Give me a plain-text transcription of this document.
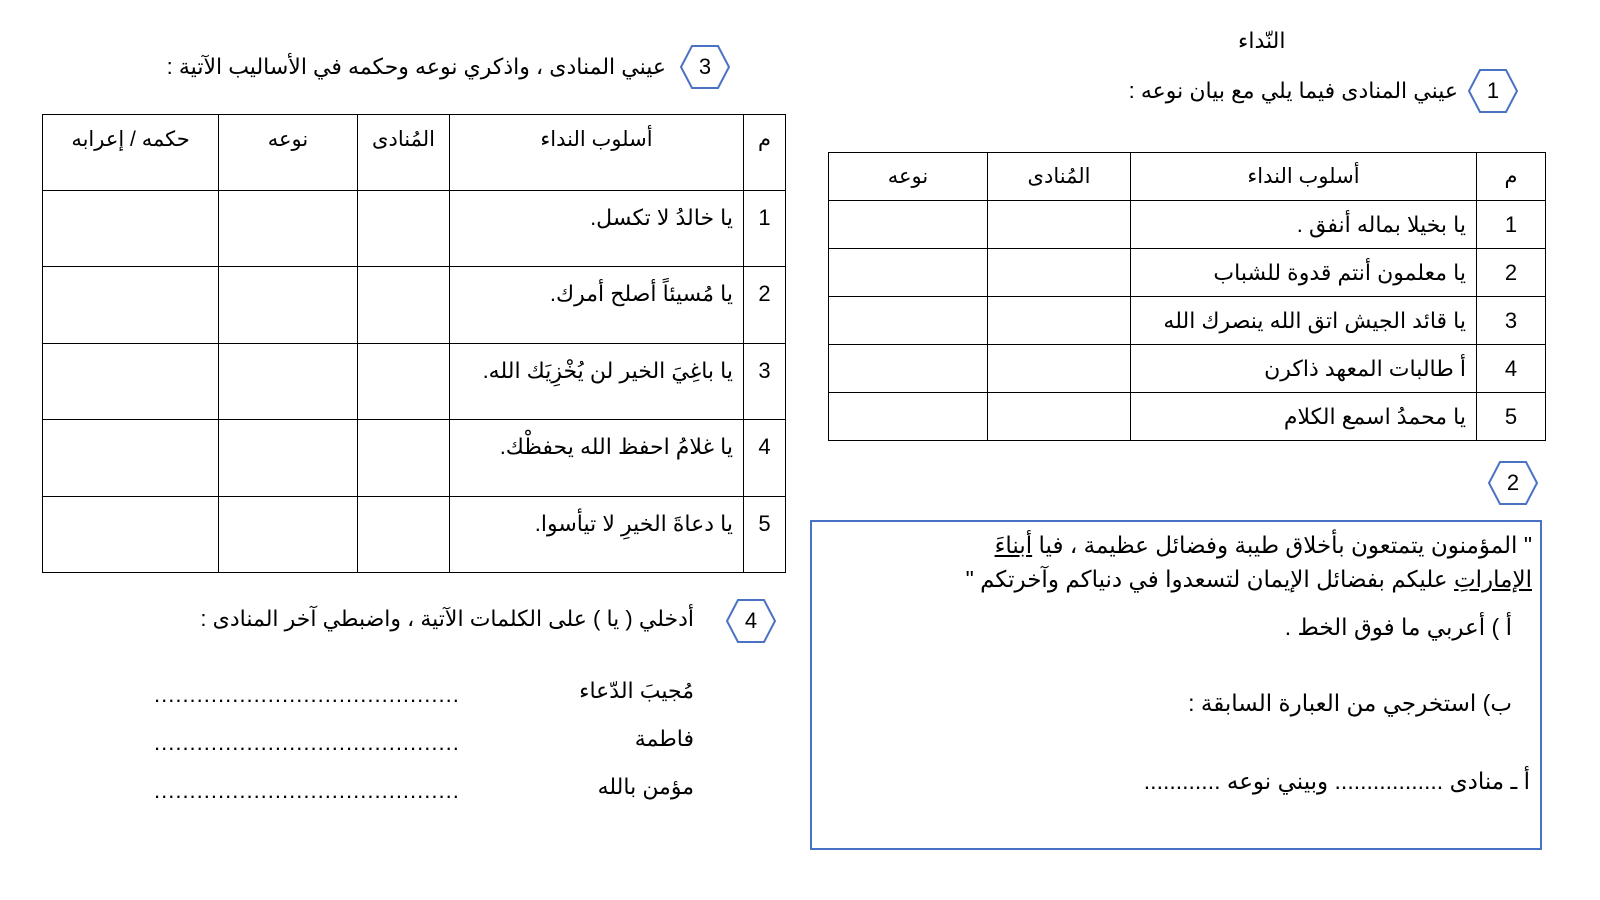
النّداء
1
عيني المنادى فيما يلي مع بيان نوعه :
م	أسلوب النداء	المُنادى	نوعه
1	يا بخيلا بماله أنفق .		
2	يا معلمون أنتم قدوة للشباب		
3	يا قائد الجيش اتق الله ينصرك الله		
4	أ طالبات المعهد ذاكرن		
5	يا محمدُ اسمع الكلام		
2
" المؤمنون يتمتعون بأخلاق طيبة وفضائل عظيمة ، فيا أبناءَ
الإماراتِ عليكم بفضائل الإيمان لتسعدوا في دنياكم وآخرتكم "
أ ) أعربي ما فوق الخط .
ب) استخرجي من العبارة السابقة :
أ ـ منادى ................. وبيني نوعه ............
3
عيني المنادى ، واذكري نوعه وحكمه في الأساليب الآتية :
م	أسلوب النداء	المُنادى	نوعه	حكمه / إعرابه
1	يا خالدُ لا تكسل.			
2	يا مُسيئاً أصلح أمرك.			
3	يا باغِيَ الخير لن يُخْزِيَك الله.			
4	يا غلامُ احفظ الله يحفظْك.			
5	يا دعاةَ الخيرِ لا تيأسوا.			
4
أدخلي ( يا ) على الكلمات الآتية ، واضبطي آخر المنادى :
مُجيبَ الدّعاء
...........................................
فاطمة
...........................................
مؤمن بالله
...........................................
